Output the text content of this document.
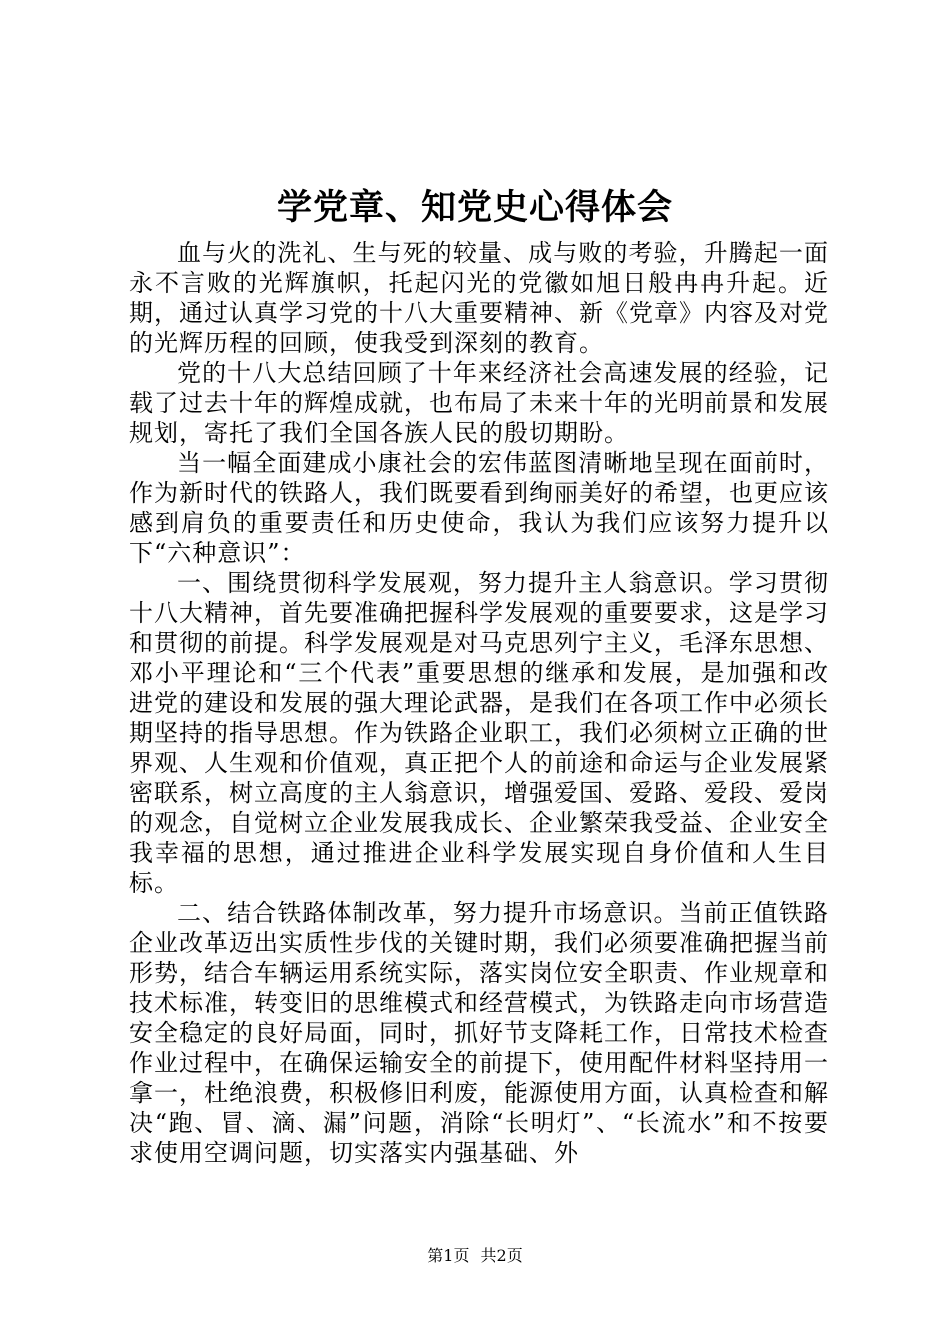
学党章、知党史心得体会

血与火的洗礼、生与死的较量、成与败的考验，升腾起一面永不言败的光辉旗帜，托起闪光的党徽如旭日般冉冉升起。近期，通过认真学习党的十八大重要精神、新《党章》内容及对党的光辉历程的回顾，使我受到深刻的教育。

党的十八大总结回顾了十年来经济社会高速发展的经验，记载了过去十年的辉煌成就，也布局了未来十年的光明前景和发展规划，寄托了我们全国各族人民的殷切期盼。

当一幅全面建成小康社会的宏伟蓝图清晰地呈现在面前时，作为新时代的铁路人，我们既要看到绚丽美好的希望，也更应该感到肩负的重要责任和历史使命，我认为我们应该努力提升以下“六种意识”：

一、围绕贯彻科学发展观，努力提升主人翁意识。学习贯彻十八大精神，首先要准确把握科学发展观的重要要求，这是学习和贯彻的前提。科学发展观是对马克思列宁主义，毛泽东思想、邓小平理论和“三个代表”重要思想的继承和发展，是加强和改进党的建设和发展的强大理论武器，是我们在各项工作中必须长期坚持的指导思想。作为铁路企业职工，我们必须树立正确的世界观、人生观和价值观，真正把个人的前途和命运与企业发展紧密联系，树立高度的主人翁意识，增强爱国、爱路、爱段、爱岗的观念，自觉树立企业发展我成长、企业繁荣我受益、企业安全我幸福的思想，通过推进企业科学发展实现自身价值和人生目标。

二、结合铁路体制改革，努力提升市场意识。当前正值铁路企业改革迈出实质性步伐的关键时期，我们必须要准确把握当前形势，结合车辆运用系统实际，落实岗位安全职责、作业规章和技术标准，转变旧的思维模式和经营模式，为铁路走向市场营造安全稳定的良好局面，同时，抓好节支降耗工作，日常技术检查作业过程中，在确保运输安全的前提下，使用配件材料坚持用一拿一，杜绝浪费，积极修旧利废，能源使用方面，认真检查和解决“跑、冒、滴、漏”问题，消除“长明灯”、“长流水”和不按要求使用空调问题，切实落实内强基础、外

第1页 共2页
